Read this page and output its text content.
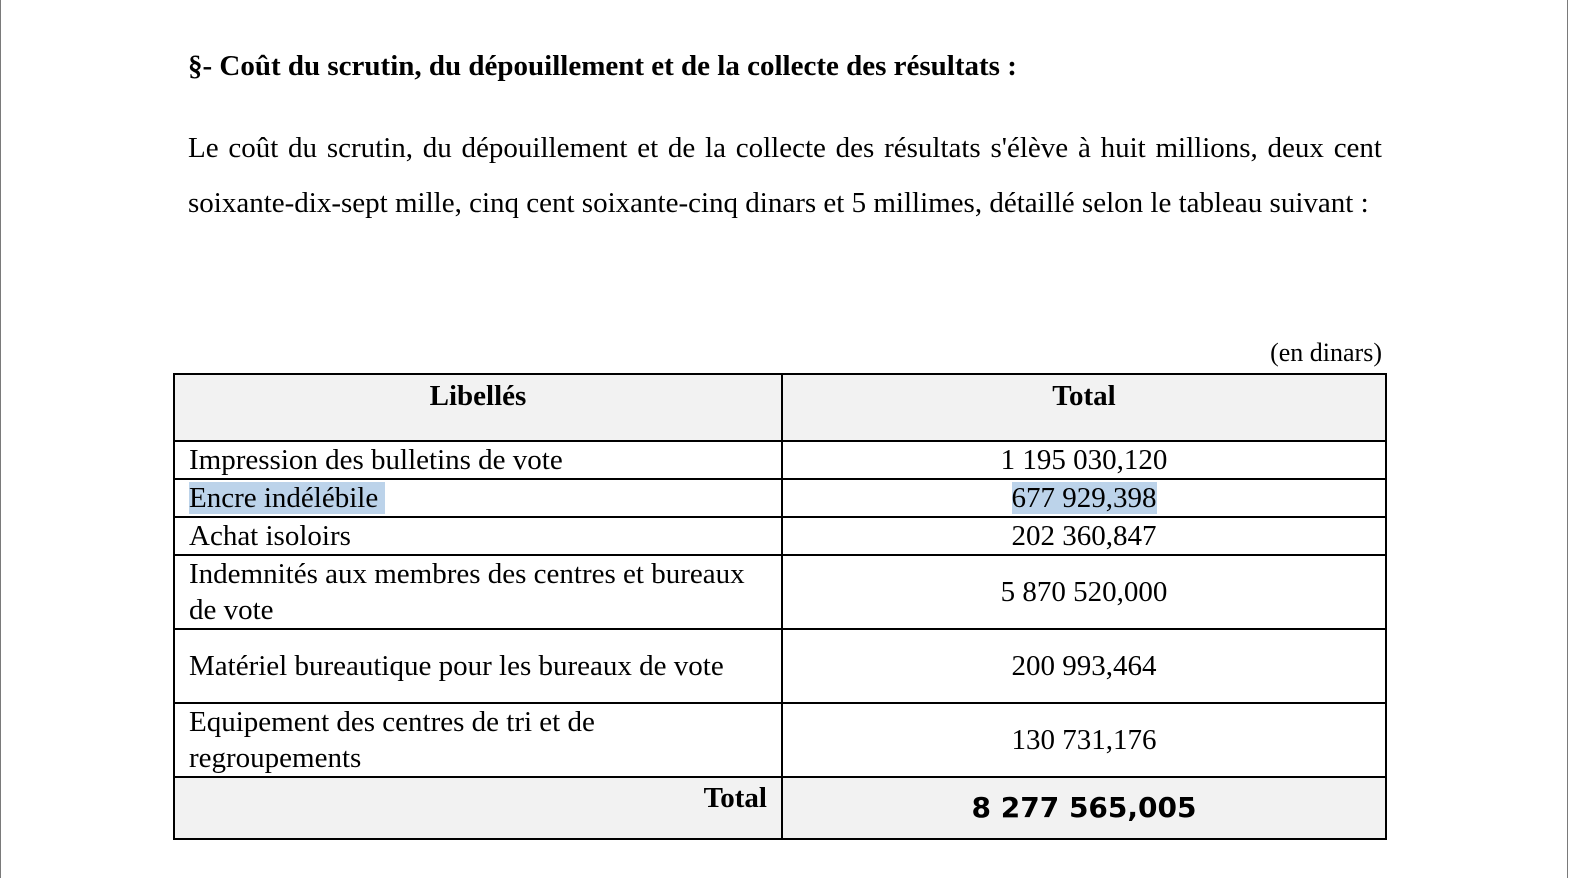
§- Coût du scrutin, du dépouillement et de la collecte des résultats :
Le coût du scrutin, du dépouillement et de la collecte des résultats s'élève à huit millions, deux cent soixante-dix-sept mille, cinq cent soixante-cinq dinars et 5 millimes, détaillé selon le tableau suivant :
(en dinars)
Libellés	Total
Impression des bulletins de vote	1 195 030,120
Encre indélébile	677 929,398
Achat isoloirs	202 360,847
Indemnités aux membres des centres et bureaux de vote	5 870 520,000
Matériel bureautique pour les bureaux de vote	200 993,464
Equipement des centres de tri et de regroupements	130 731,176
Total	8 277 565,005
